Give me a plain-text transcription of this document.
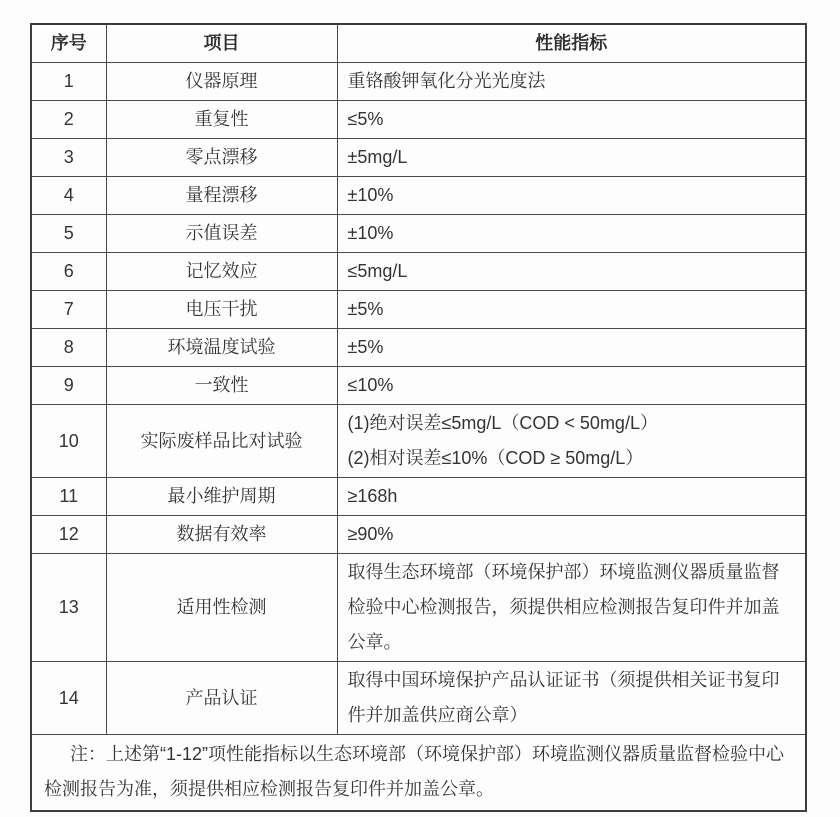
序号	项目	性能指标
1	仪器原理	重铬酸钾氧化分光光度法

2	重复性	≤5%

3	零点漂移	±5mg/L

4	量程漂移	±10%

5	示值误差	±10%

6	记忆效应	≤5mg/L

7	电压干扰	±5%

8	环境温度试验	±5%

9	一致性	≤10%

10	实际废样品比对试验	(1)绝对误差≤5mg/L（COD < 50mg/L）
(2)相对误差≤10%（COD ≥ 50mg/L）

11	最小维护周期	≥168h

12	数据有效率	≥90%

13	适用性检测	取得生态环境部（环境保护部）环境监测仪器质量监督检验中心检测报告，须提供相应检测报告复印件并加盖公章。

14	产品认证	取得中国环境保护产品认证证书（须提供相关证书复印件并加盖供应商公章）

注：上述第“1-12”项性能指标以生态环境部（环境保护部）环境监测仪器质量监督检验中心检测报告为准，须提供相应检测报告复印件并加盖公章。		
